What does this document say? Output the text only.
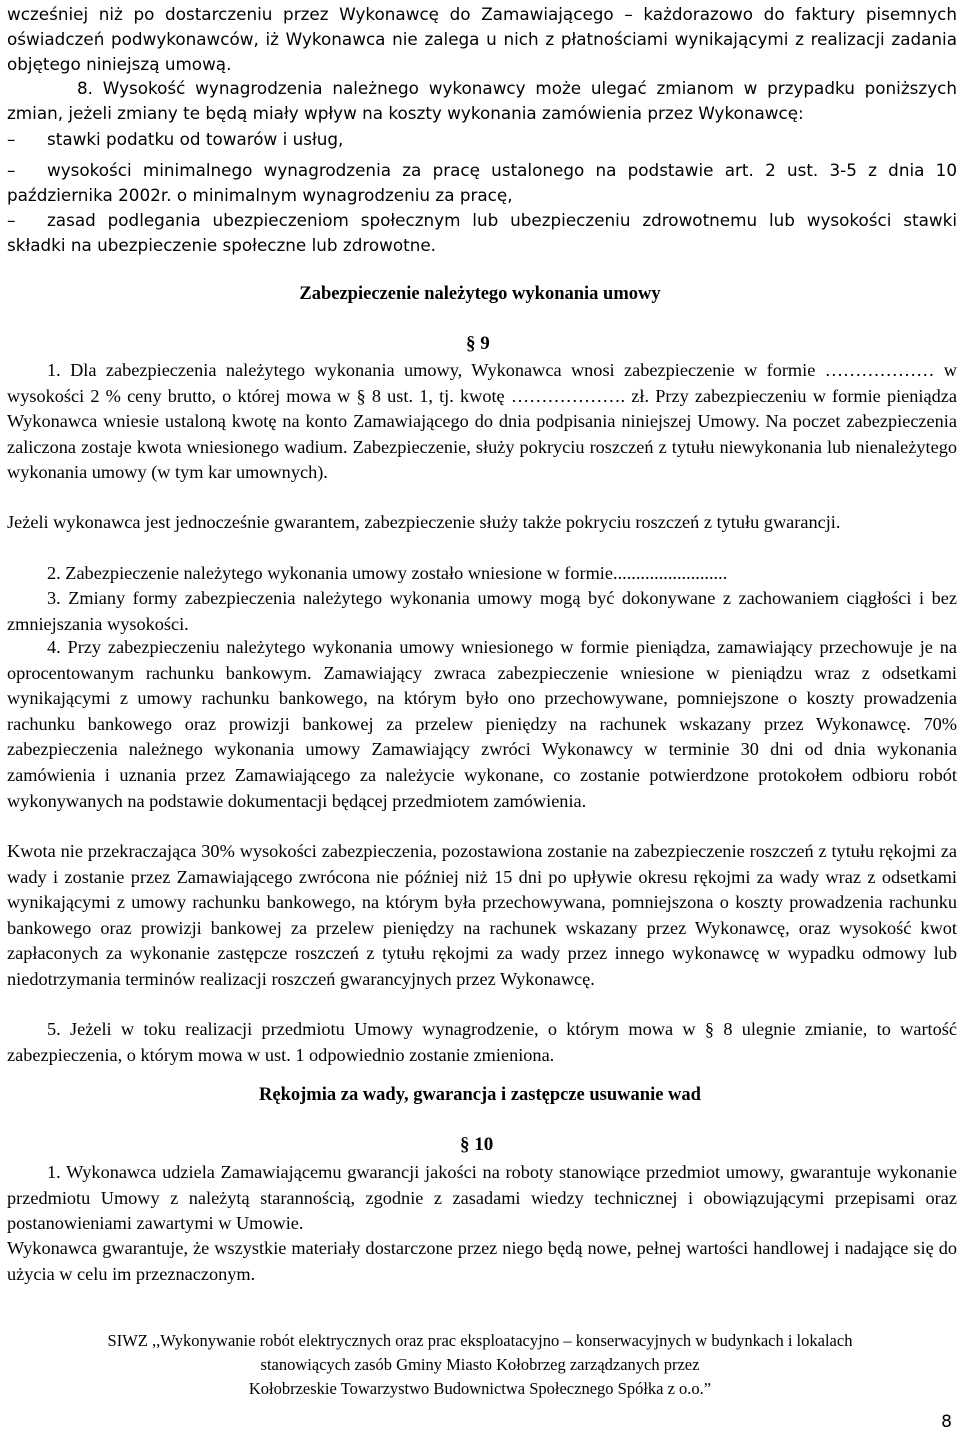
wcześniej niż po dostarczeniu przez Wykonawcę do Zamawiającego – każdorazowo do faktury pisemnych oświadczeń podwykonawców, iż Wykonawca nie zalega u nich z płatnościami wynikającymi z realizacji zadania objętego niniejszą umową.

8. Wysokość wynagrodzenia należnego wykonawcy może ulegać zmianom w przypadku poniższych zmian, jeżeli zmiany te będą miały wpływ na koszty wykonania zamówienia przez Wykonawcę:

– stawki podatku od towarów i usług,

– wysokości minimalnego wynagrodzenia za pracę ustalonego na podstawie art. 2 ust. 3-5 z dnia 10 października 2002r. o minimalnym wynagrodzeniu za pracę,

– zasad podlegania ubezpieczeniom społecznym lub ubezpieczeniu zdrowotnemu lub wysokości stawki składki na ubezpieczenie społeczne lub zdrowotne.

Zabezpieczenie należytego wykonania umowy
§ 9

1. Dla zabezpieczenia należytego wykonania umowy, Wykonawca wnosi zabezpieczenie w formie ……………… w wysokości 2 % ceny brutto, o której mowa w § 8 ust. 1, tj. kwotę ………………. zł. Przy zabezpieczeniu w formie pieniądza Wykonawca wniesie ustaloną kwotę na konto Zamawiającego do dnia podpisania niniejszej Umowy. Na poczet zabezpieczenia zaliczona zostaje kwota wniesionego wadium. Zabezpieczenie, służy pokryciu roszczeń z tytułu niewykonania lub nienależytego wykonania umowy (w tym kar umownych).

Jeżeli wykonawca jest jednocześnie gwarantem, zabezpieczenie służy także pokryciu roszczeń z tytułu gwarancji.

2. Zabezpieczenie należytego wykonania umowy zostało wniesione w formie.........................

3. Zmiany formy zabezpieczenia należytego wykonania umowy mogą być dokonywane z zachowaniem ciągłości i bez zmniejszania wysokości.

4. Przy zabezpieczeniu należytego wykonania umowy wniesionego w formie pieniądza, zamawiający przechowuje je na oprocentowanym rachunku bankowym. Zamawiający zwraca zabezpieczenie wniesione w pieniądzu wraz z odsetkami wynikającymi z umowy rachunku bankowego, na którym było ono przechowywane, pomniejszone o koszty prowadzenia rachunku bankowego oraz prowizji bankowej za przelew pieniędzy na rachunek wskazany przez Wykonawcę. 70% zabezpieczenia należnego wykonania umowy Zamawiający zwróci Wykonawcy w terminie 30 dni od dnia wykonania zamówienia i uznania przez Zamawiającego za należycie wykonane, co zostanie potwierdzone protokołem odbioru robót wykonywanych na podstawie dokumentacji będącej przedmiotem zamówienia.

Kwota nie przekraczająca 30% wysokości zabezpieczenia, pozostawiona zostanie na zabezpieczenie roszczeń z tytułu rękojmi za wady i zostanie przez Zamawiającego zwrócona nie później niż 15 dni po upływie okresu rękojmi za wady wraz z odsetkami wynikającymi z umowy rachunku bankowego, na którym była przechowywana, pomniejszona o koszty prowadzenia rachunku bankowego oraz prowizji bankowej za przelew pieniędzy na rachunek wskazany przez Wykonawcę, oraz wysokość kwot zapłaconych za wykonanie zastępcze roszczeń z tytułu rękojmi za wady przez innego wykonawcę w wypadku odmowy lub niedotrzymania terminów realizacji roszczeń gwarancyjnych przez Wykonawcę.

5. Jeżeli w toku realizacji przedmiotu Umowy wynagrodzenie, o którym mowa w § 8 ulegnie zmianie, to wartość zabezpieczenia, o którym mowa w ust. 1 odpowiednio zostanie zmieniona.

Rękojmia za wady, gwarancja i zastępcze usuwanie wad
§ 10

1. Wykonawca udziela Zamawiającemu gwarancji jakości na roboty stanowiące przedmiot umowy, gwarantuje wykonanie przedmiotu Umowy z należytą starannością, zgodnie z zasadami wiedzy technicznej i obowiązującymi przepisami oraz postanowieniami zawartymi w Umowie.

Wykonawca gwarantuje, że wszystkie materiały dostarczone przez niego będą nowe, pełnej wartości handlowej i nadające się do użycia w celu im przeznaczonym.

SIWZ ,,Wykonywanie robót elektrycznych oraz prac eksploatacyjno – konserwacyjnych w budynkach i lokalach
stanowiących zasób Gminy Miasto Kołobrzeg zarządzanych przez
Kołobrzeskie Towarzystwo Budownictwa Społecznego Spółka z o.o.”
8
